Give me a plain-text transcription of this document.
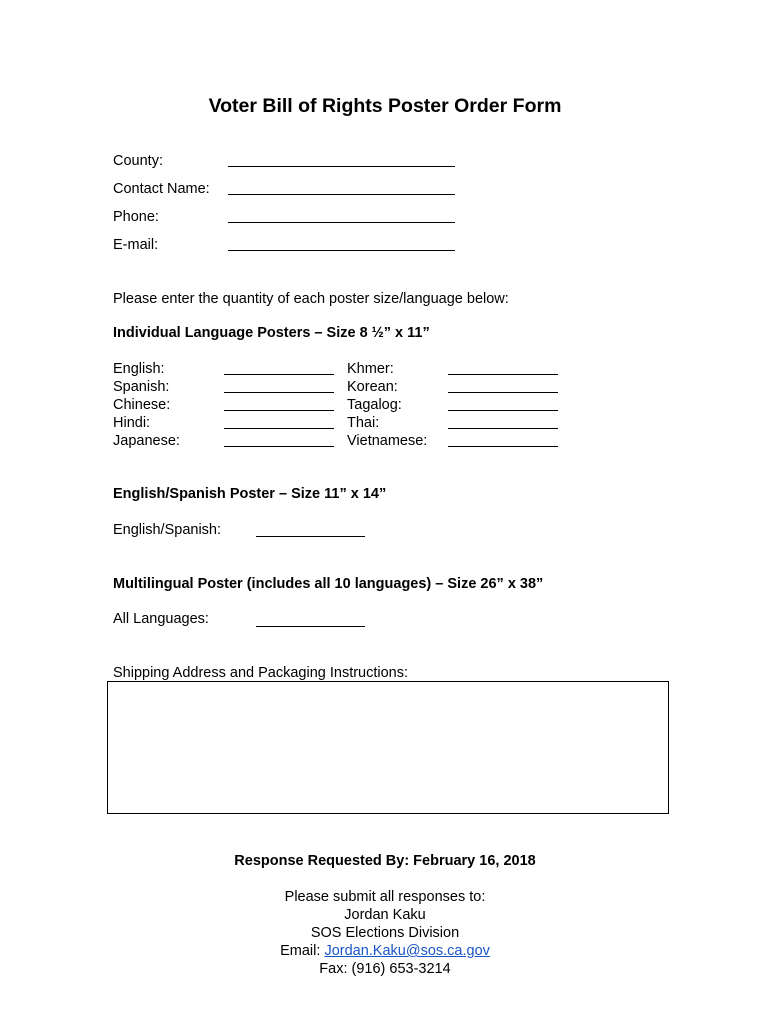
Voter Bill of Rights Poster Order Form
County:
Contact Name:
Phone:
E-mail:
Please enter the quantity of each poster size/language below:
Individual Language Posters – Size 8 ½” x 11”
English:
Spanish:
Chinese:
Hindi:
Japanese:
Khmer:
Korean:
Tagalog:
Thai:
Vietnamese:
English/Spanish Poster – Size 11” x 14”
English/Spanish:
Multilingual Poster (includes all 10 languages) – Size 26” x 38”
All Languages:
Shipping Address and Packaging Instructions:
Response Requested By: February 16, 2018
Please submit all responses to:
Jordan Kaku
SOS Elections Division
Email: Jordan.Kaku@sos.ca.gov
Fax: (916) 653-3214
